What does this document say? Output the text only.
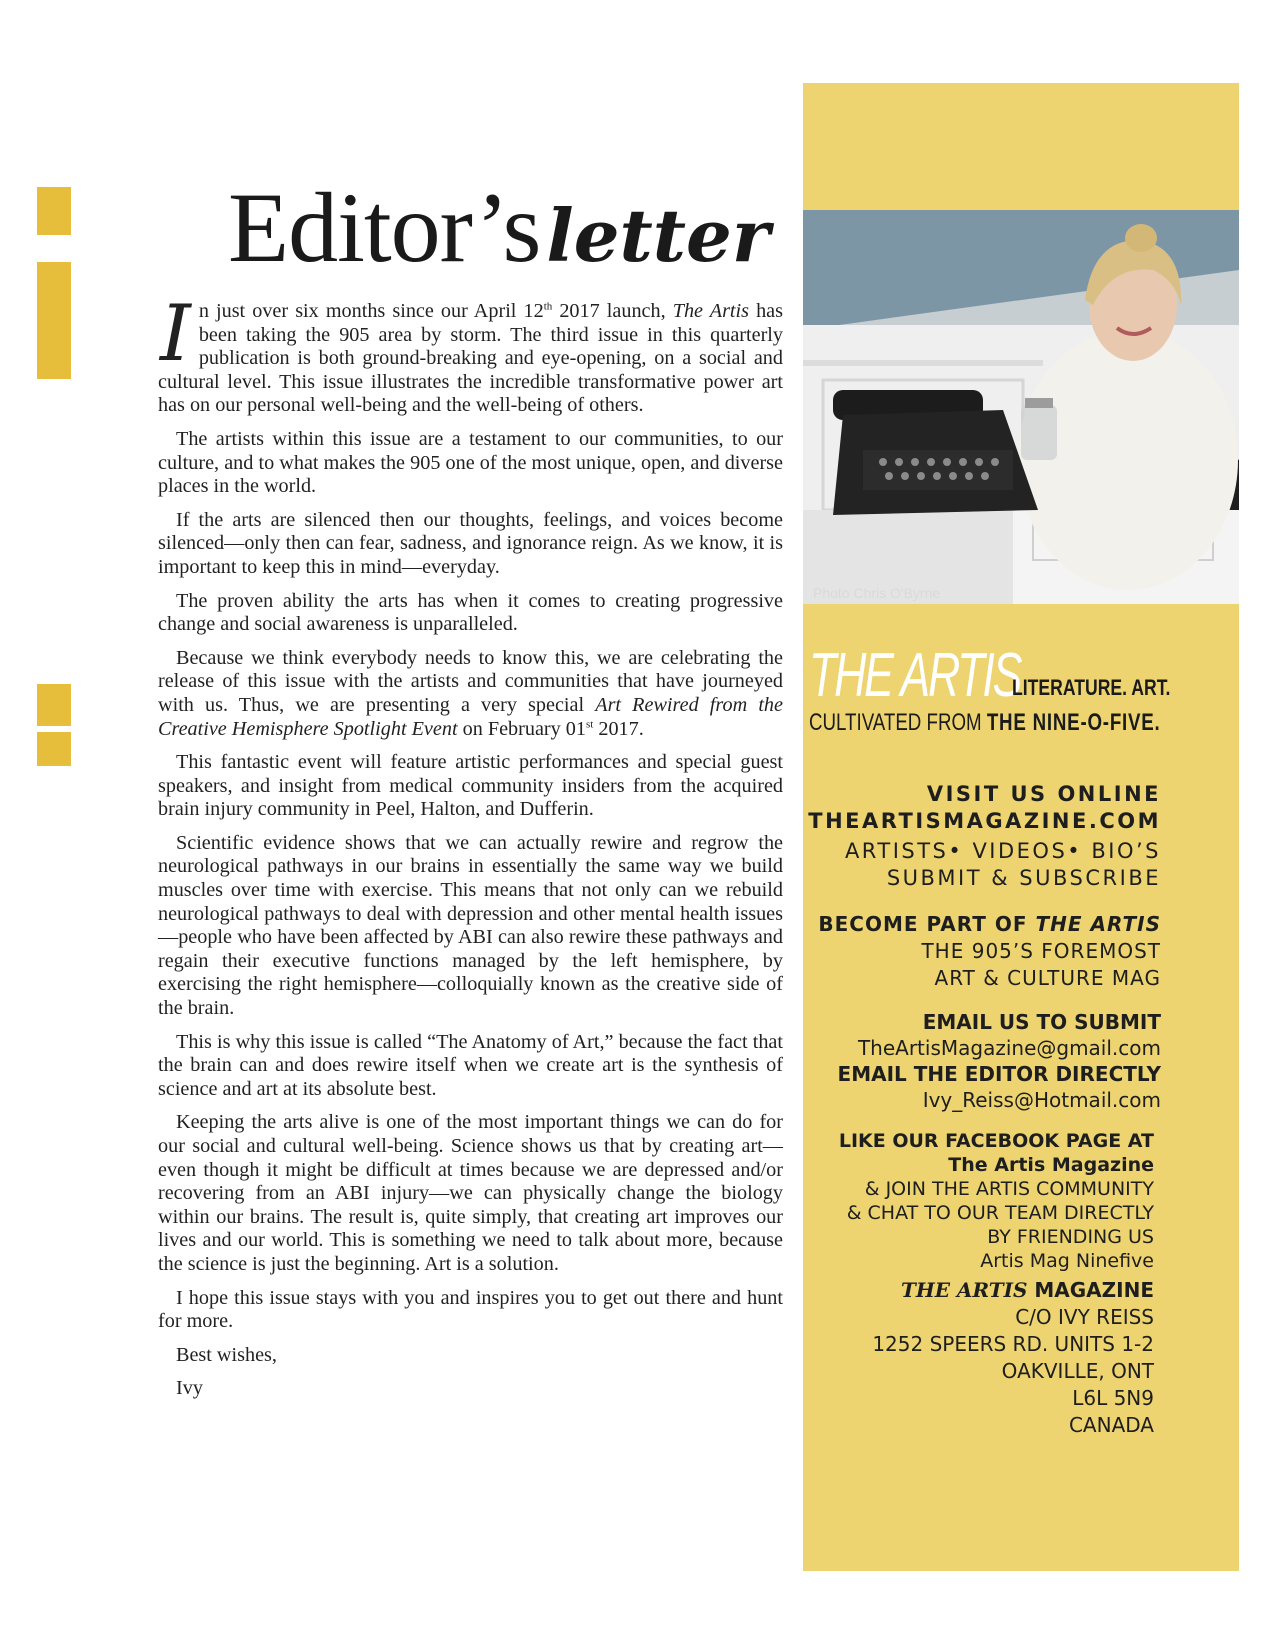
Editor’sletter

In just over six months since our April 12th 2017 launch, The Artis has been taking the 905 area by storm. The third issue in this quarterly publication is both ground-breaking and eye-opening, on a social and cultural level. This issue illustrates the incredible transformative power art has on our personal well-being and the well-being of others.

The artists within this issue are a testament to our communities, to our culture, and to what makes the 905 one of the most unique, open, and diverse places in the world.

If the arts are silenced then our thoughts, feelings, and voices become silenced—only then can fear, sadness, and ignorance reign. As we know, it is important to keep this in mind—everyday.

The proven ability the arts has when it comes to creating progressive change and social awareness is unparalleled.

Because we think everybody needs to know this, we are celebrating the release of this issue with the artists and communities that have journeyed with us. Thus, we are presenting a very special Art Rewired from the Creative Hemisphere Spotlight Event on February 01st 2017.

This fantastic event will feature artistic performances and special guest speakers, and insight from medical community insiders from the acquired brain injury community in Peel, Halton, and Dufferin.

Scientific evidence shows that we can actually rewire and regrow the neurological pathways in our brains in essentially the same way we build muscles over time with exercise. This means that not only can we rebuild neurological pathways to deal with depression and other mental health issues—people who have been affected by ABI can also rewire these pathways and regain their executive functions managed by the left hemisphere, by exercising the right hemisphere—colloquially known as the creative side of the brain.

This is why this issue is called “The Anatomy of Art,” because the fact that the brain can and does rewire itself when we create art is the synthesis of science and art at its absolute best.

Keeping the arts alive is one of the most important things we can do for our social and cultural well-being. Science shows us that by creating art—even though it might be difficult at times because we are depressed and/or recovering from an ABI injury—we can physically change the biology within our brains. The result is, quite simply, that creating art improves our lives and our world. This is something we need to talk about more, because the science is just the beginning. Art is a solution.

I hope this issue stays with you and inspires you to get out there and hunt for more.

Best wishes,

Ivy

Photo Chris O'Byrne
THE ARTIS
LITERATURE. ART.
CULTIVATED FROM THE NINE-O-FIVE.
VISIT US ONLINE
THEARTISMAGAZINE.COM
ARTISTS• VIDEOS• BIO’S
SUBMIT & SUBSCRIBE
BECOME PART OF THE ARTIS
THE 905’S FOREMOST
ART & CULTURE MAG
EMAIL US TO SUBMIT
TheArtisMagazine@gmail.com
EMAIL THE EDITOR DIRECTLY
Ivy_Reiss@Hotmail.com
LIKE OUR FACEBOOK PAGE AT
The Artis Magazine
& JOIN THE ARTIS COMMUNITY
& CHAT TO OUR TEAM DIRECTLY
BY FRIENDING US
Artis Mag Ninefive
THE ARTIS MAGAZINE
C/O IVY REISS
1252 SPEERS RD. UNITS 1-2
OAKVILLE, ONT
L6L 5N9
CANADA
